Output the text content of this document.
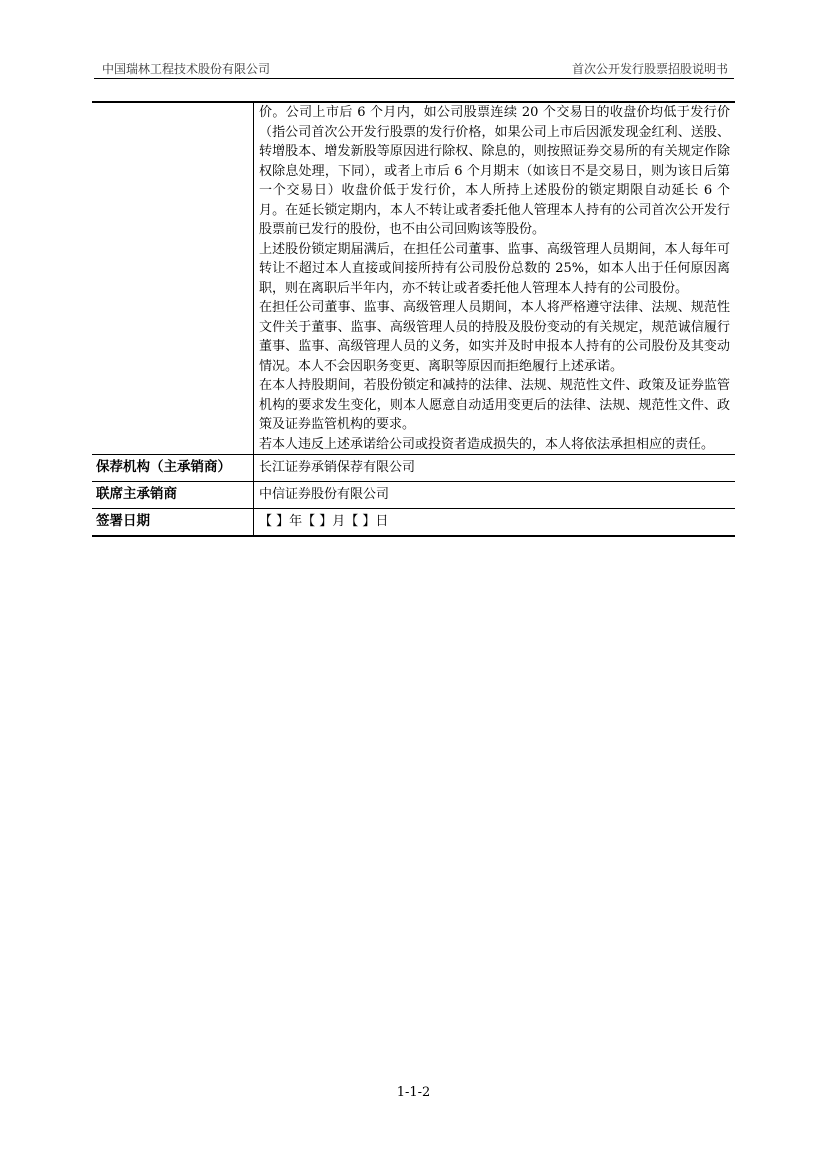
中国瑞林工程技术股份有限公司	首次公开发行股票招股说明书

	价。公司上市后 6 个月内，如公司股票连续 20 个交易日的收盘价均低于发行价（指公司首次公开发行股票的发行价格，如果公司上市后因派发现金红利、送股、转增股本、增发新股等原因进行除权、除息的，则按照证券交易所的有关规定作除权除息处理，下同），或者上市后 6 个月期末（如该日不是交易日，则为该日后第一个交易日）收盘价低于发行价，本人所持上述股份的锁定期限自动延长 6 个月。在延长锁定期内，本人不转让或者委托他人管理本人持有的公司首次公开发行股票前已发行的股份，也不由公司回购该等股份。
上述股份锁定期届满后，在担任公司董事、监事、高级管理人员期间，本人每年可转让不超过本人直接或间接所持有公司股份总数的 25%，如本人出于任何原因离职，则在离职后半年内，亦不转让或者委托他人管理本人持有的公司股份。
在担任公司董事、监事、高级管理人员期间，本人将严格遵守法律、法规、规范性文件关于董事、监事、高级管理人员的持股及股份变动的有关规定，规范诚信履行董事、监事、高级管理人员的义务，如实并及时申报本人持有的公司股份及其变动情况。本人不会因职务变更、离职等原因而拒绝履行上述承诺。
在本人持股期间，若股份锁定和减持的法律、法规、规范性文件、政策及证券监管机构的要求发生变化，则本人愿意自动适用变更后的法律、法规、规范性文件、政策及证券监管机构的要求。
若本人违反上述承诺给公司或投资者造成损失的，本人将依法承担相应的责任。

保荐机构（主承销商）	长江证券承销保荐有限公司
联席主承销商	中信证券股份有限公司
签署日期	【 】年【 】月【 】日
1-1-2
